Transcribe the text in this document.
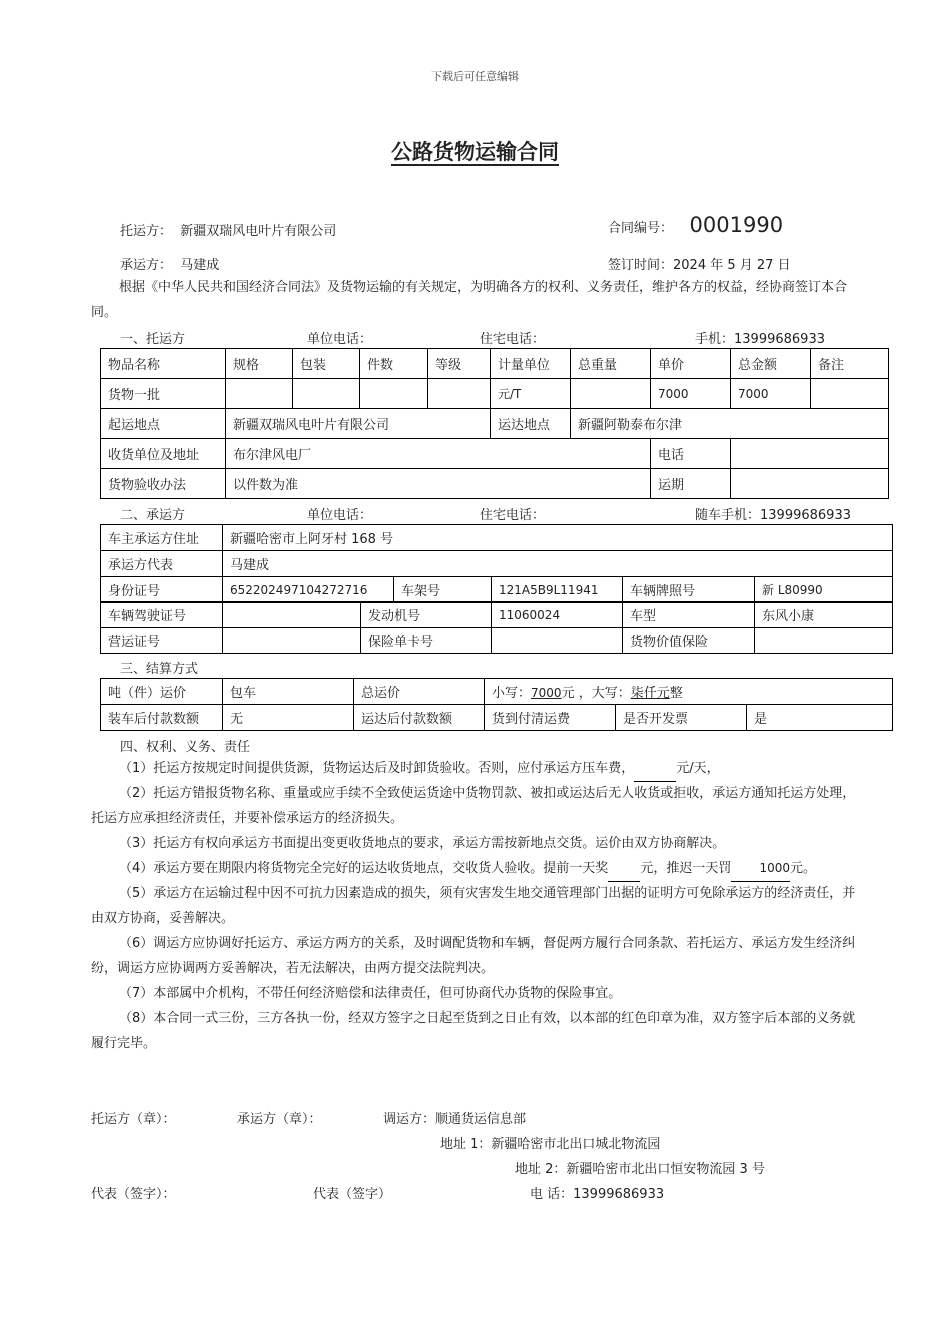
下载后可任意编辑
公路货物运输合同
托运方： 新疆双瑞风电叶片有限公司	合同编号： 0001990
承运方： 马建成	签订时间：2024 年 5 月 27 日
根据《中华人民共和国经济合同法》及货物运输的有关规定，为明确各方的权利、义务责任，维护各方的权益，经协商签订本合同。
一、托运方	单位电话：	住宅电话：	手机：13999686933
物品名称	规格	包装	件数	等级	计量单位	总重量	单价	总金额	备注
货物一批					元/T		7000	7000	
起运地点	新疆双瑞风电叶片有限公司				运达地点	新疆阿勒泰布尔津			
收货单位及地址	布尔津风电厂						电话		
货物验收办法	以件数为准						运期		
二、承运方	单位电话：	住宅电话：	随车手机：13999686933
车主承运方住址	新疆哈密市上阿牙村 168 号
承运方代表	马建成
身份证号	652202497104272716	车架号	121A5B9L11941	车辆牌照号	新 L80990
车辆驾驶证号		发动机号	11060024	车型	东风小康
营运证号		保险单卡号		货物价值保险	
三、结算方式
吨（件）运价	包车	总运价	小写：7000元 ，大写：柒仟元整		
装车后付款数额	无	运达后付款数额	货到付清运费	是否开发票	是
四、权利、义务、责任
（1）托运方按规定时间提供货源，货物运达后及时卸货验收。否则，应付承运方压车费，	元/天，
（2）托运方错报货物名称、重量或应手续不全致使运货途中货物罚款、被扣或运达后无人收货或拒收，承运方通知托运方处理，托运方应承担经济责任，并要补偿承运方的经济损失。
（3）托运方有权向承运方书面提出变更收货地点的要求，承运方需按新地点交货。运价由双方协商解决。
（4）承运方要在期限内将货物完全完好的运达收货地点，交收货人验收。提前一天奖 元，推迟一天罚 1000元。
（5）承运方在运输过程中因不可抗力因素造成的损失，须有灾害发生地交通管理部门出据的证明方可免除承运方的经济责任，并由双方协商，妥善解决。
（6）调运方应协调好托运方、承运方两方的关系，及时调配货物和车辆，督促两方履行合同条款、若托运方、承运方发生经济纠纷，调运方应协调两方妥善解决，若无法解决，由两方提交法院判决。
（7）本部属中介机构，不带任何经济赔偿和法律责任，但可协商代办货物的保险事宜。
（8）本合同一式三份，三方各执一份，经双方签字之日起至货到之日止有效，以本部的红色印章为准，双方签字后本部的义务就履行完毕。
托运方（章）：	承运方（章）：	调运方：顺通货运信息部
地址 1：新疆哈密市北出口城北物流园
地址 2：新疆哈密市北出口恒安物流园 3 号
代表（签字）：	代表（签字）	电 话：13999686933
